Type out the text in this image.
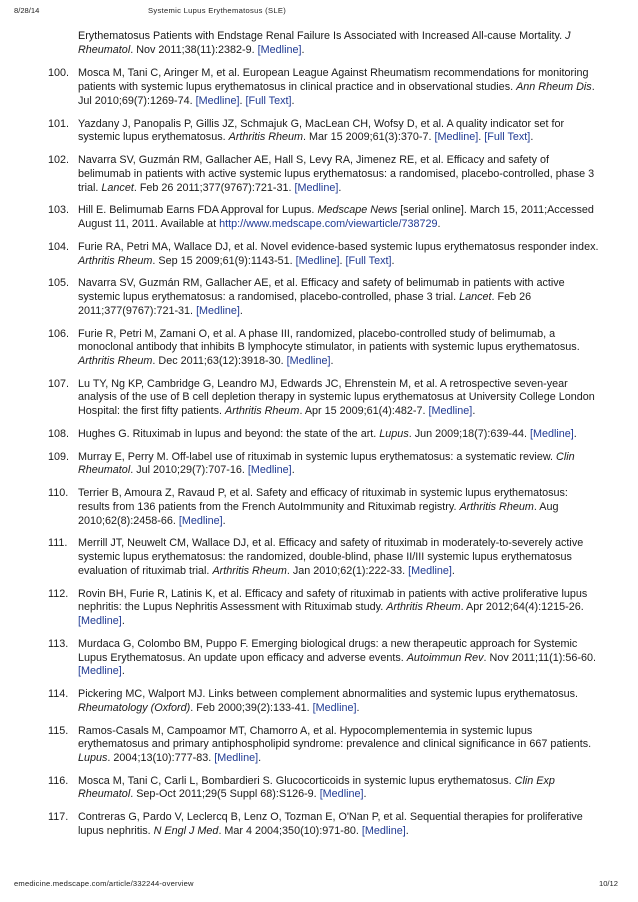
8/28/14	Systemic Lupus Erythematosus (SLE)
Erythematosus Patients with Endstage Renal Failure Is Associated with Increased All-cause Mortality. J Rheumatol. Nov 2011;38(11):2382-9. [Medline].
100. Mosca M, Tani C, Aringer M, et al. European League Against Rheumatism recommendations for monitoring patients with systemic lupus erythematosus in clinical practice and in observational studies. Ann Rheum Dis. Jul 2010;69(7):1269-74. [Medline]. [Full Text].
101. Yazdany J, Panopalis P, Gillis JZ, Schmajuk G, MacLean CH, Wofsy D, et al. A quality indicator set for systemic lupus erythematosus. Arthritis Rheum. Mar 15 2009;61(3):370-7. [Medline]. [Full Text].
102. Navarra SV, Guzmán RM, Gallacher AE, Hall S, Levy RA, Jimenez RE, et al. Efficacy and safety of belimumab in patients with active systemic lupus erythematosus: a randomised, placebo-controlled, phase 3 trial. Lancet. Feb 26 2011;377(9767):721-31. [Medline].
103. Hill E. Belimumab Earns FDA Approval for Lupus. Medscape News [serial online]. March 15, 2011;Accessed August 11, 2011. Available at http://www.medscape.com/viewarticle/738729.
104. Furie RA, Petri MA, Wallace DJ, et al. Novel evidence-based systemic lupus erythematosus responder index. Arthritis Rheum. Sep 15 2009;61(9):1143-51. [Medline]. [Full Text].
105. Navarra SV, Guzmán RM, Gallacher AE, et al. Efficacy and safety of belimumab in patients with active systemic lupus erythematosus: a randomised, placebo-controlled, phase 3 trial. Lancet. Feb 26 2011;377(9767):721-31. [Medline].
106. Furie R, Petri M, Zamani O, et al. A phase III, randomized, placebo-controlled study of belimumab, a monoclonal antibody that inhibits B lymphocyte stimulator, in patients with systemic lupus erythematosus. Arthritis Rheum. Dec 2011;63(12):3918-30. [Medline].
107. Lu TY, Ng KP, Cambridge G, Leandro MJ, Edwards JC, Ehrenstein M, et al. A retrospective seven-year analysis of the use of B cell depletion therapy in systemic lupus erythematosus at University College London Hospital: the first fifty patients. Arthritis Rheum. Apr 15 2009;61(4):482-7. [Medline].
108. Hughes G. Rituximab in lupus and beyond: the state of the art. Lupus. Jun 2009;18(7):639-44. [Medline].
109. Murray E, Perry M. Off-label use of rituximab in systemic lupus erythematosus: a systematic review. Clin Rheumatol. Jul 2010;29(7):707-16. [Medline].
110. Terrier B, Amoura Z, Ravaud P, et al. Safety and efficacy of rituximab in systemic lupus erythematosus: results from 136 patients from the French AutoImmunity and Rituximab registry. Arthritis Rheum. Aug 2010;62(8):2458-66. [Medline].
111. Merrill JT, Neuwelt CM, Wallace DJ, et al. Efficacy and safety of rituximab in moderately-to-severely active systemic lupus erythematosus: the randomized, double-blind, phase II/III systemic lupus erythematosus evaluation of rituximab trial. Arthritis Rheum. Jan 2010;62(1):222-33. [Medline].
112. Rovin BH, Furie R, Latinis K, et al. Efficacy and safety of rituximab in patients with active proliferative lupus nephritis: the Lupus Nephritis Assessment with Rituximab study. Arthritis Rheum. Apr 2012;64(4):1215-26. [Medline].
113. Murdaca G, Colombo BM, Puppo F. Emerging biological drugs: a new therapeutic approach for Systemic Lupus Erythematosus. An update upon efficacy and adverse events. Autoimmun Rev. Nov 2011;11(1):56-60. [Medline].
114. Pickering MC, Walport MJ. Links between complement abnormalities and systemic lupus erythematosus. Rheumatology (Oxford). Feb 2000;39(2):133-41. [Medline].
115. Ramos-Casals M, Campoamor MT, Chamorro A, et al. Hypocomplementemia in systemic lupus erythematosus and primary antiphospholipid syndrome: prevalence and clinical significance in 667 patients. Lupus. 2004;13(10):777-83. [Medline].
116. Mosca M, Tani C, Carli L, Bombardieri S. Glucocorticoids in systemic lupus erythematosus. Clin Exp Rheumatol. Sep-Oct 2011;29(5 Suppl 68):S126-9. [Medline].
117. Contreras G, Pardo V, Leclercq B, Lenz O, Tozman E, O'Nan P, et al. Sequential therapies for proliferative lupus nephritis. N Engl J Med. Mar 4 2004;350(10):971-80. [Medline].
emedicine.medscape.com/article/332244-overview	10/12
